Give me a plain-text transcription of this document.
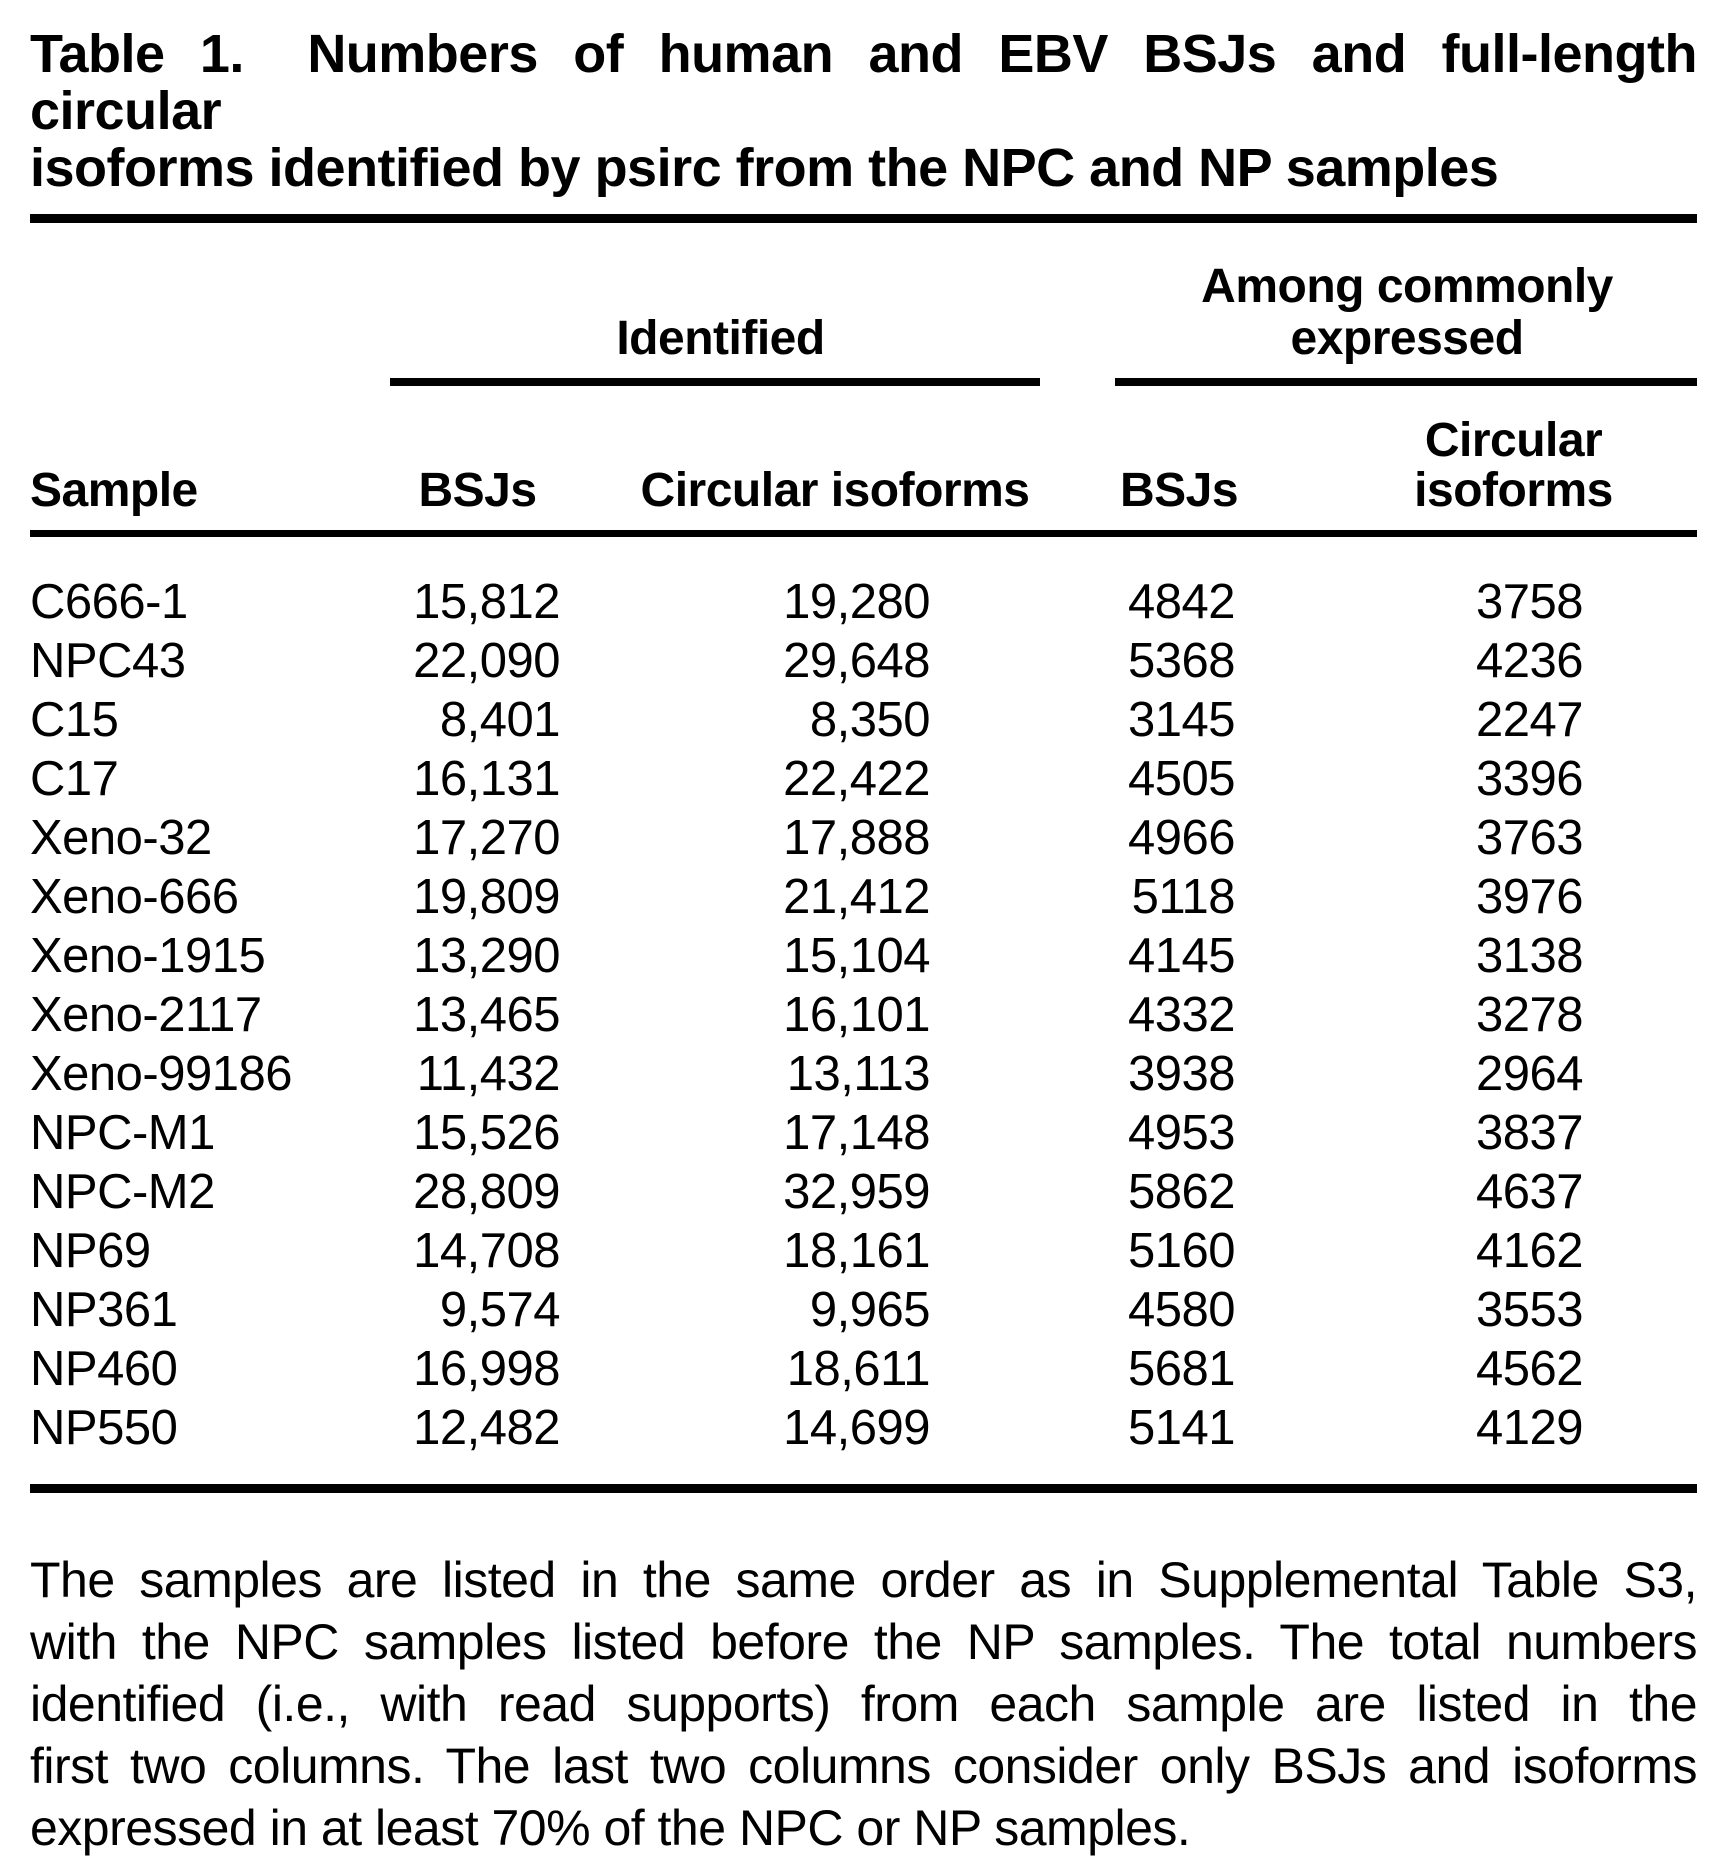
Table 1. Numbers of human and EBV BSJs and full-length circular
isoforms identified by psirc from the NPC and NP samples

	Identified		Among commonly expressed	

Sample	BSJs	Circular isoforms	BSJs	Circular isoforms
C666-1	15,812	19,280	4842	3758
NPC43	22,090	29,648	5368	4236
C15	8,401	8,350	3145	2247
C17	16,131	22,422	4505	3396
Xeno-32	17,270	17,888	4966	3763
Xeno-666	19,809	21,412	5118	3976
Xeno-1915	13,290	15,104	4145	3138
Xeno-2117	13,465	16,101	4332	3278
Xeno-99186	11,432	13,113	3938	2964
NPC-M1	15,526	17,148	4953	3837
NPC-M2	28,809	32,959	5862	4637
NP69	14,708	18,161	5160	4162
NP361	9,574	9,965	4580	3553
NP460	16,998	18,611	5681	4562
NP550	12,482	14,699	5141	4129
The samples are listed in the same order as in Supplemental Table S3,
with the NPC samples listed before the NP samples. The total numbers
identified (i.e., with read supports) from each sample are listed in the
first two columns. The last two columns consider only BSJs and isoforms
expressed in at least 70% of the NPC or NP samples.
